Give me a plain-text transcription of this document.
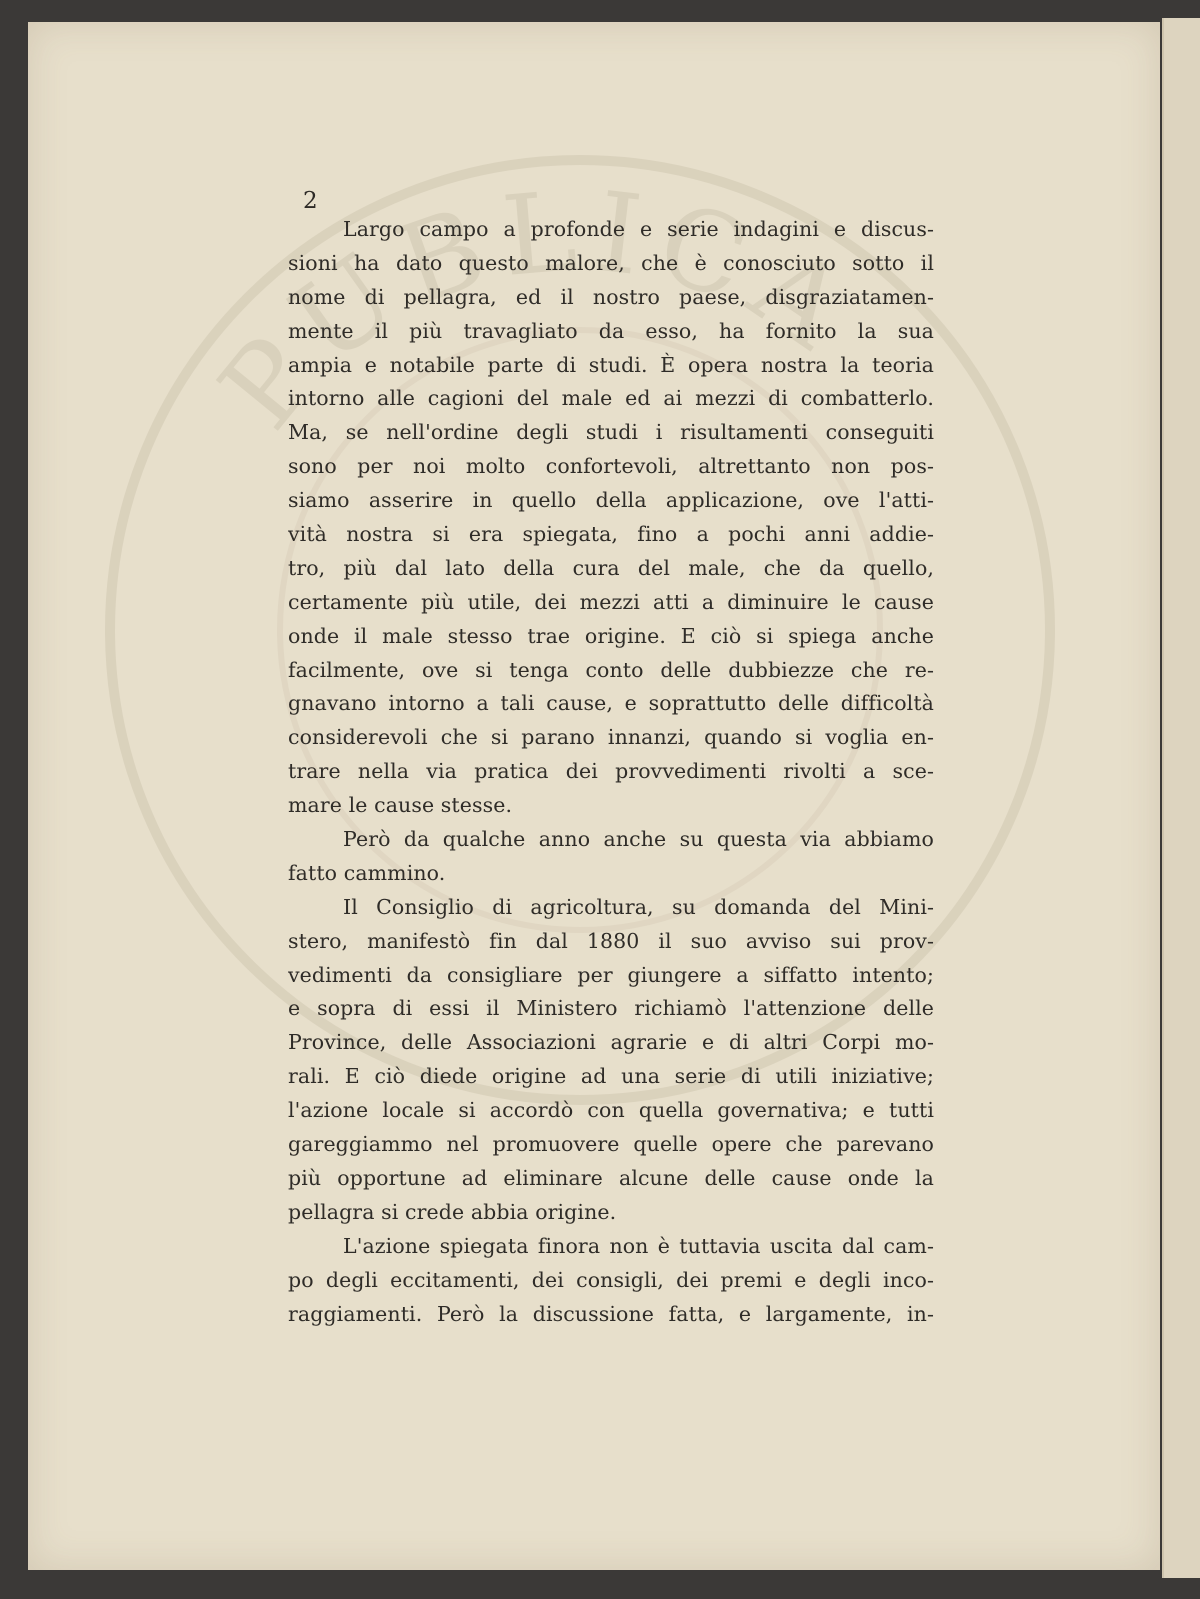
PUBLICA
2
Largo campo a profonde e serie indagini e discus-
sioni ha dato questo malore, che è conosciuto sotto il
nome di pellagra, ed il nostro paese, disgraziatamen-
mente il più travagliato da esso, ha fornito la sua
ampia e notabile parte di studi. È opera nostra la teoria
intorno alle cagioni del male ed ai mezzi di combatterlo.
Ma, se nell'ordine degli studi i risultamenti conseguiti
sono per noi molto confortevoli, altrettanto non pos-
siamo asserire in quello della applicazione, ove l'atti-
vità nostra si era spiegata, fino a pochi anni addie-
tro, più dal lato della cura del male, che da quello,
certamente più utile, dei mezzi atti a diminuire le cause
onde il male stesso trae origine. E ciò si spiega anche
facilmente, ove si tenga conto delle dubbiezze che re-
gnavano intorno a tali cause, e soprattutto delle difficoltà
considerevoli che si parano innanzi, quando si voglia en-
trare nella via pratica dei provvedimenti rivolti a sce-
mare le cause stesse.
Però da qualche anno anche su questa via abbiamo
fatto cammino.
Il Consiglio di agricoltura, su domanda del Mini-
stero, manifestò fin dal 1880 il suo avviso sui prov-
vedimenti da consigliare per giungere a siffatto intento;
e sopra di essi il Ministero richiamò l'attenzione delle
Province, delle Associazioni agrarie e di altri Corpi mo-
rali. E ciò diede origine ad una serie di utili iniziative;
l'azione locale si accordò con quella governativa; e tutti
gareggiammo nel promuovere quelle opere che parevano
più opportune ad eliminare alcune delle cause onde la
pellagra si crede abbia origine.
L'azione spiegata finora non è tuttavia uscita dal cam-
po degli eccitamenti, dei consigli, dei premi e degli inco-
raggiamenti. Però la discussione fatta, e largamente, in-
